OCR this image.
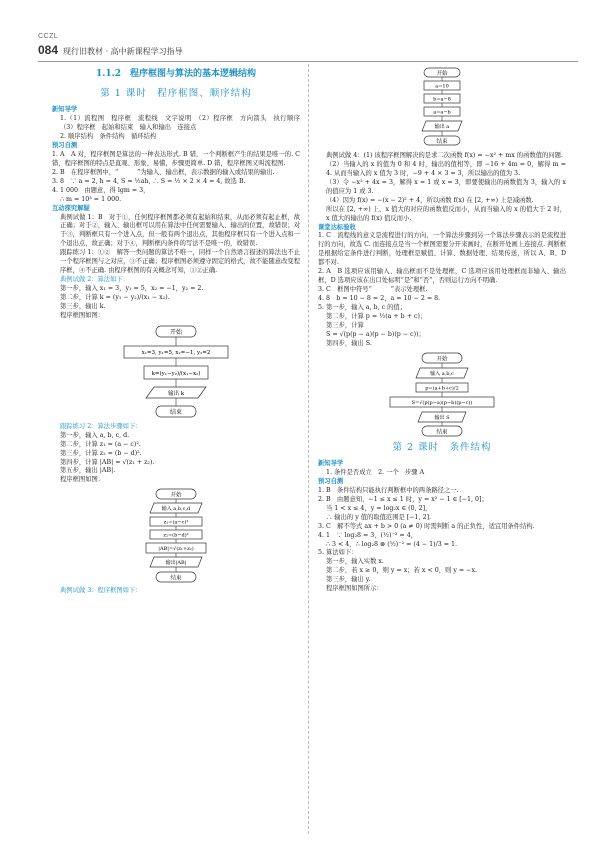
CCZL
084 现行旧教材 · 高中新课程学习指导
1.1.2　程序框图与算法的基本逻辑结构
第 1 课时　程序框图、顺序结构
新知导学

1.（1）流程图　程序框　流程线　文字说明　（2）程序框　方向箭头　执行顺序　（3）程序框　起始和结束　输入和输出　连接点

2. 顺序结构　条件结构　循环结构

预习自测

1. A　A 对，程序框图是算法的一种表达形式. B 错，一个判断框产生的结果是唯一的. C 错，程序框图的特点是直观、形象、易懂，步骤更简单. D 错，程序框图又叫流程图.

2. B　在程序框图中，“　　　”为输入、输出框，表示数据的输入或结果的输出.

3. 8　∵ a = 2, h = 4, S = ½ah, ∴ S = ½ × 2 × 4 = 4, 故选 B.

4. 1 000　由题意，得 lgm = 3，

∴ m = 10³ = 1 000.

互动探究解疑

典例试做 1：B　对于①，任何程序框图都必须有起始和结束，从而必须有起止框，故正确；对于②，输入、输出框可以用在算法中任何需要输入、输出的位置，故错误；对于③，判断框只有一个进入点，但一般有两个退出点，其他程序框只有一个进入点和一个退出点，故正确；对于④，判断框内条件的写法不是唯一的，故错误.

跟踪练习 1：①②　解答一类问题的算法不唯一，同样一个自然语言描述的算法也不止一个程序框图与之对应，③不正确；程序框图必须遵守固定的格式，故不能随意改变程序框，④不正确. 由程序框图的有关概念可知，①②正确.

典例试做 2：算法如下：

第一步，输入 x₁ = 3，y₁ = 5，x₂ = −1，y₂ = 2.

第二步，计算 k = (y₁ − y₂)/(x₁ − x₂).

第三步，输出 k.

程序框图如图：

开始
x₁=3, y₁=5, x₂=−1, y₂=2
k=(y₁−y₂)/(x₁−x₂)
输出 k
结束

跟踪练习 2：算法步骤如下：

第一步，输入 a, b, c, d.

第二步，计算 z₁ = (a − c)².

第三步，计算 z₂ = (b − d)².

第四步，计算 |AB| = √(z₁ + z₂).

第五步，输出 |AB|.

程序框图如图：

开始
输入 a,b,c,d
z₁=(a−c)²
z₂=(b−d)²
|AB|=√(z₁+z₂)
输出|AB|
结束

典例试做 3：程序框图如下：

开始
a=10
b=a−8
a=a−b
输出 a
结束

典例试做 4：(1) 该程序框图解决的是求二次函数 f(x) = −x² + mx 的函数值的问题.

（2）当输入的 x 的值为 0 和 4 时，输出的值相等，即 −16 + 4m = 0，解得 m = 4. 从而当输入的 x 值为 3 时，−9 + 4 × 3 = 3，所以输出的值为 3.

（3）令 −x² + 4x = 3，解得 x = 1 或 x = 3，即要使输出的函数值为 3，输入的 x 的值应为 1 或 3.

（4）因为 f(x) = −(x − 2)² + 4，所以函数 f(x) 在 [2, +∞) 上是减函数.

所以在 [2, +∞) 上，x 值大的对应的函数值反而小，从而当输入的 x 的值大于 2 时，x 值大的输出的 f(x) 值反而小.

课堂达标验收

1. C　流程线的意义是流程进行的方向，一个算法步骤到另一个算法步骤表示的是流程进行的方向，故选 C. 而连接点是当一个框图需要分开来画时，在断开处画上连接点. 判断框是根据给定条件进行判断，处理框是赋值、计算、数据处理、结果传送，所以 A、B、D 都不对.

2. A　B 选项应该用输入、输出框而不是处理框，C 选项应该用处理框而非输入、输出框，D 选项应该在出口处标明“是”和“否”，否则运行方向不明确.

3. C　框图中符号“　　　”表示处理框.

4. 8　b = 10 − 8 = 2，a = 10 − 2 = 8.

5. 第一步，输入 a, b, c 的值；

第二步，计算 p = ½(a + b + c)；

第三步，计算

S = √(p(p − a)(p − b)(p − c))；

第四步，输出 S.

开始
输入 a,b,c
p=(a+b+c)/2
S=√(p(p−a)(p−b)(p−c))
输出 S
结束
第 2 课时　条件结构
新知导学

1. 条件是否成立　2. 一个　步骤 A

预习自测

1. B　条件结构只能执行判断框中的两条路径之一.

2. B　由题意知，−1 ≤ x ≤ 1 时，y = x² − 1 ∈ [−1, 0]；

当 1 < x ≤ 4，y = log₂x ∈ (0, 2]，

∴ 输出的 y 值的取值范围是 [−1, 2].

3. C　解不等式 ax + b > 0 (a ≠ 0) 时需判断 a 的正负性，适宜用条件结构.

4. 1　∵ log₂8 = 3，(½)⁻² = 4，

∴ 3 < 4，∴ log₂8 ⊗ (½)⁻² = (4 − 1)/3 = 1.

5. 算法如下：

第一步，输入实数 x.

第二步，若 x ≥ 0，则 y = x；若 x < 0，则 y = −x.

第三步，输出 y.

程序框图如图所示：
